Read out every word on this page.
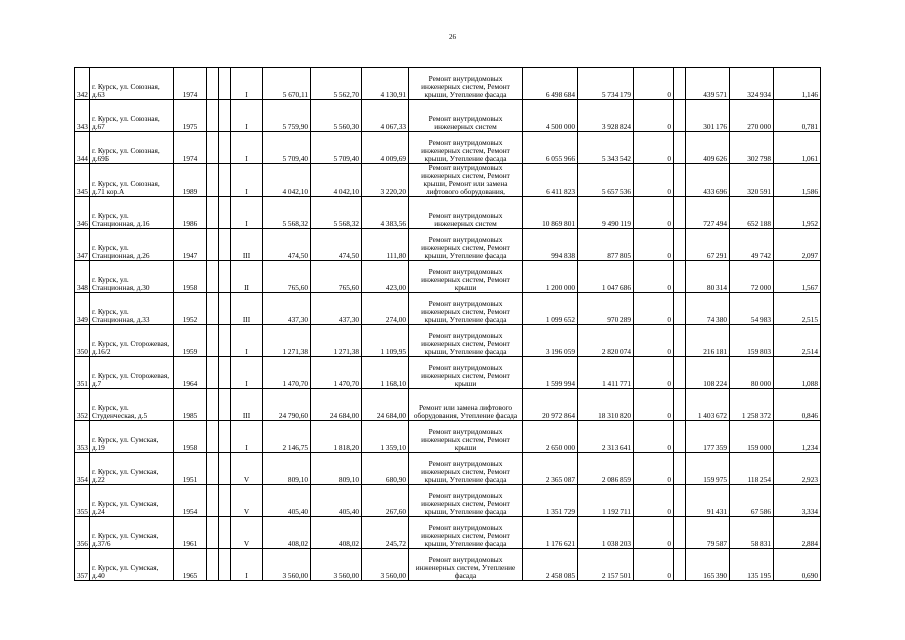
26
342	г. Курск, ул. Союзная, д.63	1974			I	5 670,11	5 562,70	4 130,91	Ремонт внутридомовых инженерных систем, Ремонт крыши, Утепление фасада	6 498 684	5 734 179	0		439 571	324 934	1,146
343	г. Курск, ул. Союзная, д.67	1975			I	5 759,90	5 560,30	4 067,33	Ремонт внутридомовых инженерных систем	4 500 000	3 928 824	0		301 176	270 000	0,781
344	г. Курск, ул. Союзная, д.69Б	1974			I	5 709,40	5 709,40	4 009,69	Ремонт внутридомовых инженерных систем, Ремонт крыши, Утепление фасада	6 055 966	5 343 542	0		409 626	302 798	1,061
345	г. Курск, ул. Союзная, д.71 кор.А	1989			I	4 042,10	4 042,10	3 220,20	Ремонт внутридомовых инженерных систем, Ремонт крыши, Ремонт или замена лифтового оборудования,	6 411 823	5 657 536	0		433 696	320 591	1,586
346	г. Курск, ул. Станционная, д.16	1986			I	5 568,32	5 568,32	4 383,56	Ремонт внутридомовых инженерных систем	10 869 801	9 490 119	0		727 494	652 188	1,952
347	г. Курск, ул. Станционная, д.26	1947			III	474,50	474,50	111,80	Ремонт внутридомовых инженерных систем, Ремонт крыши, Утепление фасада	994 838	877 805	0		67 291	49 742	2,097
348	г. Курск, ул. Станционная, д.30	1958			II	765,60	765,60	423,00	Ремонт внутридомовых инженерных систем, Ремонт крыши	1 200 000	1 047 686	0		80 314	72 000	1,567
349	г. Курск, ул. Станционная, д.33	1952			III	437,30	437,30	274,00	Ремонт внутридомовых инженерных систем, Ремонт крыши, Утепление фасада	1 099 652	970 289	0		74 380	54 983	2,515
350	г. Курск, ул. Сторожевая, д.16/2	1959			I	1 271,38	1 271,38	1 109,95	Ремонт внутридомовых инженерных систем, Ремонт крыши, Утепление фасада	3 196 059	2 820 074	0		216 181	159 803	2,514
351	г. Курск, ул. Сторожевая, д.7	1964			I	1 470,70	1 470,70	1 168,10	Ремонт внутридомовых инженерных систем, Ремонт крыши	1 599 994	1 411 771	0		108 224	80 000	1,088
352	г. Курск, ул. Студенческая, д.5	1985			III	24 790,60	24 684,00	24 684,00	Ремонт или замена лифтового оборудования, Утепление фасада	20 972 864	18 310 820	0		1 403 672	1 258 372	0,846
353	г. Курск, ул. Сумская, д.19	1958			I	2 146,75	1 818,20	1 359,10	Ремонт внутридомовых инженерных систем, Ремонт крыши	2 650 000	2 313 641	0		177 359	159 000	1,234
354	г. Курск, ул. Сумская, д.22	1951			V	809,10	809,10	680,90	Ремонт внутридомовых инженерных систем, Ремонт крыши, Утепление фасада	2 365 087	2 086 859	0		159 975	118 254	2,923
355	г. Курск, ул. Сумская, д.24	1954			V	405,40	405,40	267,60	Ремонт внутридомовых инженерных систем, Ремонт крыши, Утепление фасада	1 351 729	1 192 711	0		91 431	67 586	3,334
356	г. Курск, ул. Сумская, д.37/6	1961			V	408,02	408,02	245,72	Ремонт внутридомовых инженерных систем, Ремонт крыши, Утепление фасада	1 176 621	1 038 203	0		79 587	58 831	2,884
357	г. Курск, ул. Сумская, д.40	1965			I	3 560,00	3 560,00	3 560,00	Ремонт внутридомовых инженерных систем, Утепление фасада	2 458 085	2 157 501	0		165 390	135 195	0,690
